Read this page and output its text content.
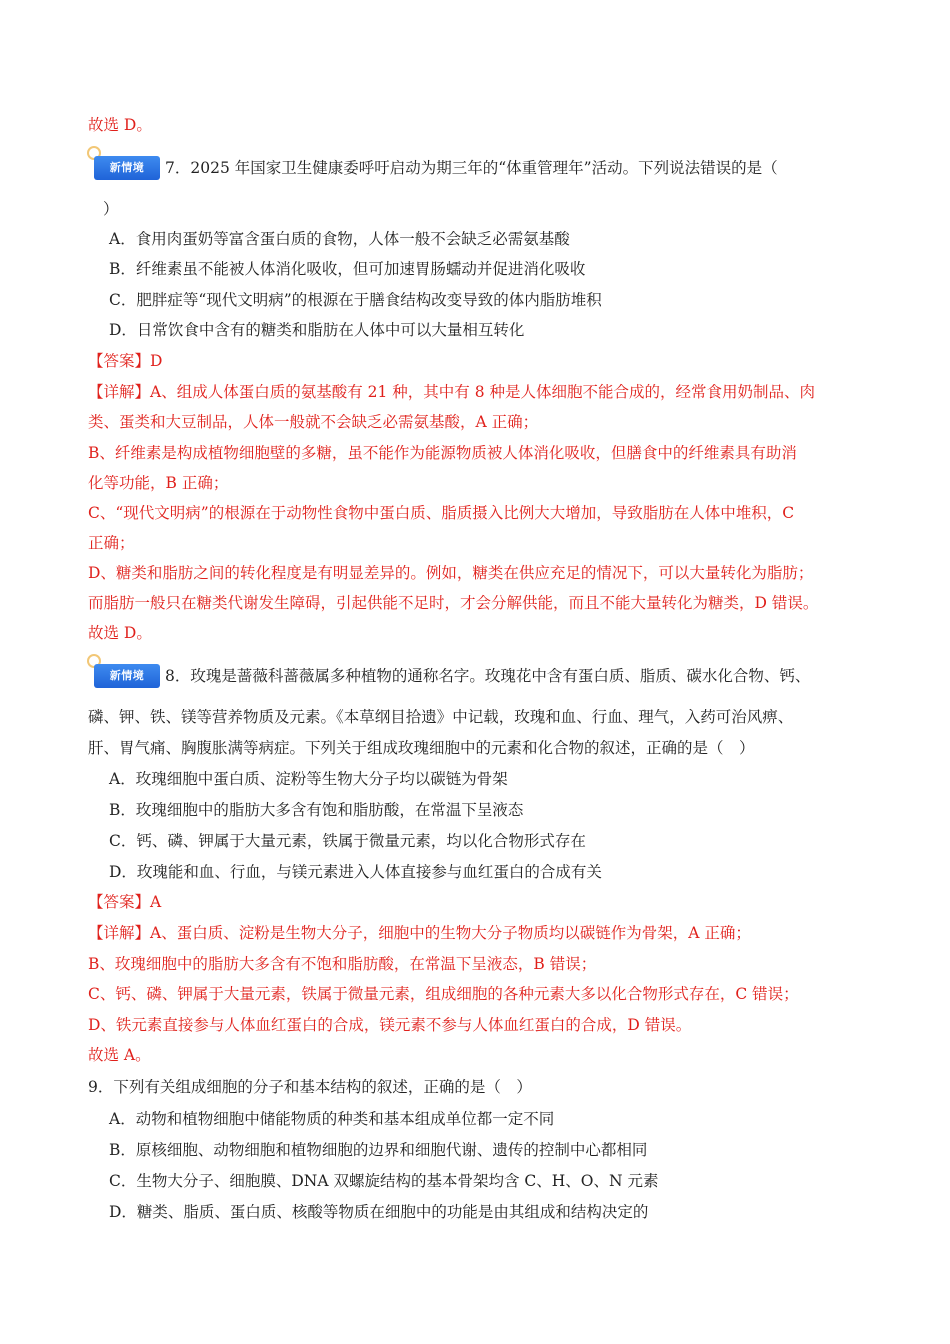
故选 D。
新情境	7．2025 年国家卫生健康委呼吁启动为期三年的“体重管理年”活动。下列说法错误的是（
）
A．食用肉蛋奶等富含蛋白质的食物，人体一般不会缺乏必需氨基酸
B．纤维素虽不能被人体消化吸收，但可加速胃肠蠕动并促进消化吸收
C．肥胖症等“现代文明病”的根源在于膳食结构改变导致的体内脂肪堆积
D．日常饮食中含有的糖类和脂肪在人体中可以大量相互转化
【答案】D
【详解】A、组成人体蛋白质的氨基酸有 21 种，其中有 8 种是人体细胞不能合成的，经常食用奶制品、肉
类、蛋类和大豆制品，人体一般就不会缺乏必需氨基酸，A 正确；
B、纤维素是构成植物细胞壁的多糖，虽不能作为能源物质被人体消化吸收，但膳食中的纤维素具有助消
化等功能，B 正确；
C、“现代文明病”的根源在于动物性食物中蛋白质、脂质摄入比例大大增加，导致脂肪在人体中堆积，C
正确；
D、糖类和脂肪之间的转化程度是有明显差异的。例如，糖类在供应充足的情况下，可以大量转化为脂肪；
而脂肪一般只在糖类代谢发生障碍，引起供能不足时，才会分解供能，而且不能大量转化为糖类，D 错误。
故选 D。
新情境	8．玫瑰是蔷薇科蔷薇属多种植物的通称名字。玫瑰花中含有蛋白质、脂质、碳水化合物、钙、
磷、钾、铁、镁等营养物质及元素。《本草纲目拾遗》中记载，玫瑰和血、行血、理气，入药可治风痹、
肝、胃气痛、胸腹胀满等病症。下列关于组成玫瑰细胞中的元素和化合物的叙述，正确的是（　）
A．玫瑰细胞中蛋白质、淀粉等生物大分子均以碳链为骨架
B．玫瑰细胞中的脂肪大多含有饱和脂肪酸，在常温下呈液态
C．钙、磷、钾属于大量元素，铁属于微量元素，均以化合物形式存在
D．玫瑰能和血、行血，与镁元素进入人体直接参与血红蛋白的合成有关
【答案】A
【详解】A、蛋白质、淀粉是生物大分子，细胞中的生物大分子物质均以碳链作为骨架，A 正确；
B、玫瑰细胞中的脂肪大多含有不饱和脂肪酸，在常温下呈液态，B 错误；
C、钙、磷、钾属于大量元素，铁属于微量元素，组成细胞的各种元素大多以化合物形式存在，C 错误；
D、铁元素直接参与人体血红蛋白的合成，镁元素不参与人体血红蛋白的合成，D 错误。
故选 A。
9．下列有关组成细胞的分子和基本结构的叙述，正确的是（　）
A．动物和植物细胞中储能物质的种类和基本组成单位都一定不同
B．原核细胞、动物细胞和植物细胞的边界和细胞代谢、遗传的控制中心都相同
C．生物大分子、细胞膜、DNA 双螺旋结构的基本骨架均含 C、H、O、N 元素
D．糖类、脂质、蛋白质、核酸等物质在细胞中的功能是由其组成和结构决定的
